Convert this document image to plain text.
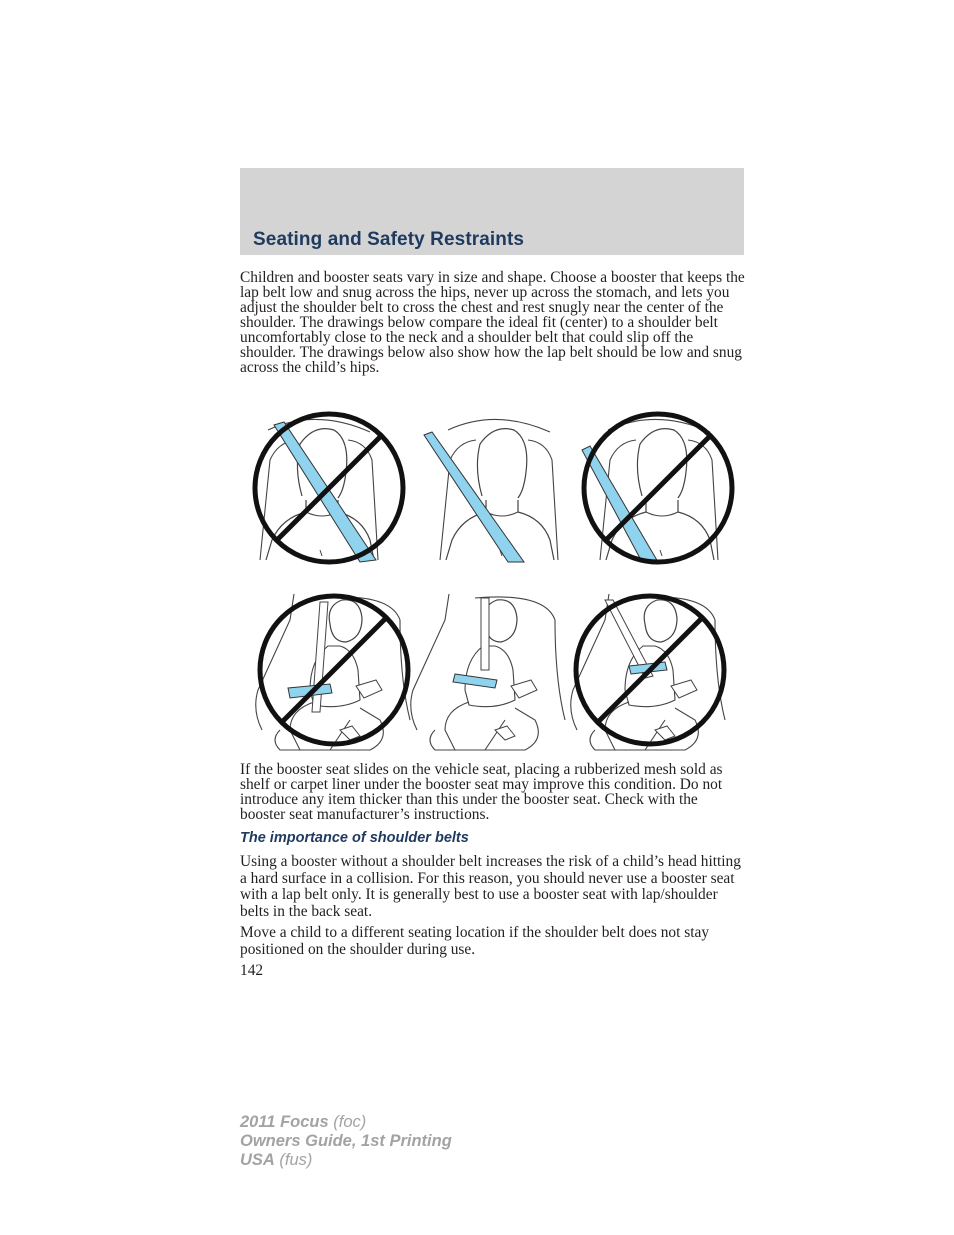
Seating and Safety Restraints

Children and booster seats vary in size and shape. Choose a booster that keeps the lap belt low and snug across the hips, never up across the stomach, and lets you adjust the shoulder belt to cross the chest and rest snugly near the center of the shoulder. The drawings below compare the ideal fit (center) to a shoulder belt uncomfortably close to the neck and a shoulder belt that could slip off the shoulder. The drawings below also show how the lap belt should be low and snug across the child’s hips.

If the booster seat slides on the vehicle seat, placing a rubberized mesh sold as shelf or carpet liner under the booster seat may improve this condition. Do not introduce any item thicker than this under the booster seat. Check with the booster seat manufacturer’s instructions.

The importance of shoulder belts

Using a booster without a shoulder belt increases the risk of a child’s head hitting a hard surface in a collision. For this reason, you should never use a booster seat with a lap belt only. It is generally best to use a booster seat with lap/shoulder belts in the back seat.

Move a child to a different seating location if the shoulder belt does not stay positioned on the shoulder during use.

142

2011 Focus (foc)
Owners Guide, 1st Printing
USA (fus)
